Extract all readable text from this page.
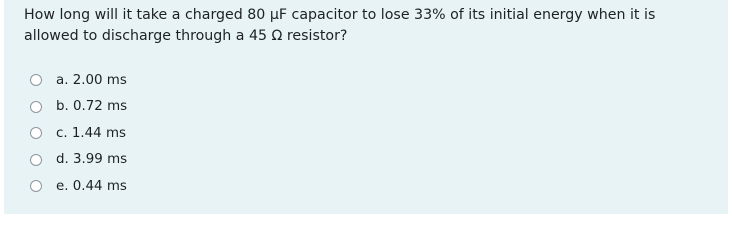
How long will it take a charged 80 μF capacitor to lose 33% of its initial energy when it is allowed to discharge through a 45 Ω resistor?

a. 2.00 ms
b. 0.72 ms
c. 1.44 ms
d. 3.99 ms
e. 0.44 ms
